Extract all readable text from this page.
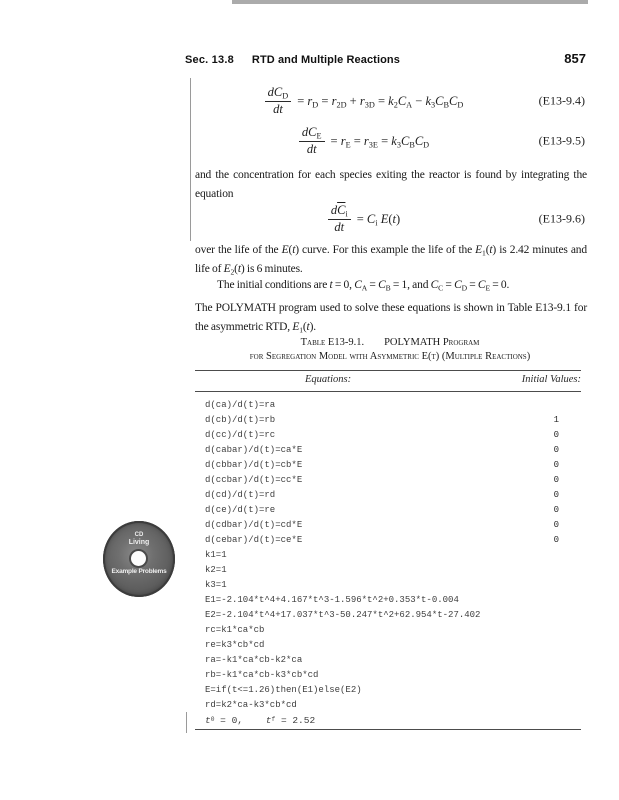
Sec. 13.8 RTD and Multiple Reactions	857
$\frac{dC_D}{dt} = r_D = r_{2D} + r_{3D} = k_2C_A - k_3C_BC_D$	(E13-9.4)
$\frac{dC_E}{dt} = r_E = r_{3E} = k_3C_BC_D$	(E13-9.5)
and the concentration for each species exiting the reactor is found by integrating the equation
$\frac{d\overline{C}_i}{dt} = C_i$ E(t)	(E13-9.6)
over the life of the E(t) curve. For this example the life of the $E_1(t)$ is 2.42 minutes and life of $E_2(t)$ is 6 minutes.
The initial conditions are t = 0, $C_A = C_B = 1$, and $C_C = C_D = C_E = 0$.
The POLYMATH program used to solve these equations is shown in Table E13-9.1 for the asymmetric RTD, $E_1(t)$.
Table E13-9.1. POLYMATH Program
for Segregation Model with Asymmetric E(t) (Multiple Reactions)
Equations:	Initial Values:
d(ca)/d(t)=ra
d(cb)/d(t)=rb	1
d(cc)/d(t)=rc	0
d(cabar)/d(t)=ca*E	0
d(cbbar)/d(t)=cb*E	0
d(ccbar)/d(t)=cc*E	0
d(cd)/d(t)=rd	0
d(ce)/d(t)=re	0
d(cdbar)/d(t)=cd*E	0
d(cebar)/d(t)=ce*E	0
k1=1
k2=1
k3=1
E1=-2.104*t^4+4.167*t^3-1.596*t^2+0.353*t-0.004
E2=-2.104*t^4+17.037*t^3-50.247*t^2+62.954*t-27.402
rc=k1*ca*cb
re=k3*cb*cd
ra=-k1*ca*cb-k2*ca
rb=-k1*ca*cb-k3*cb*cd
E=if(t<=1.26)then(E1)else(E2)
rd=k2*ca-k3*cb*cd
t 0 = 0, t f = 2.52
CD
Living
Example Problems
